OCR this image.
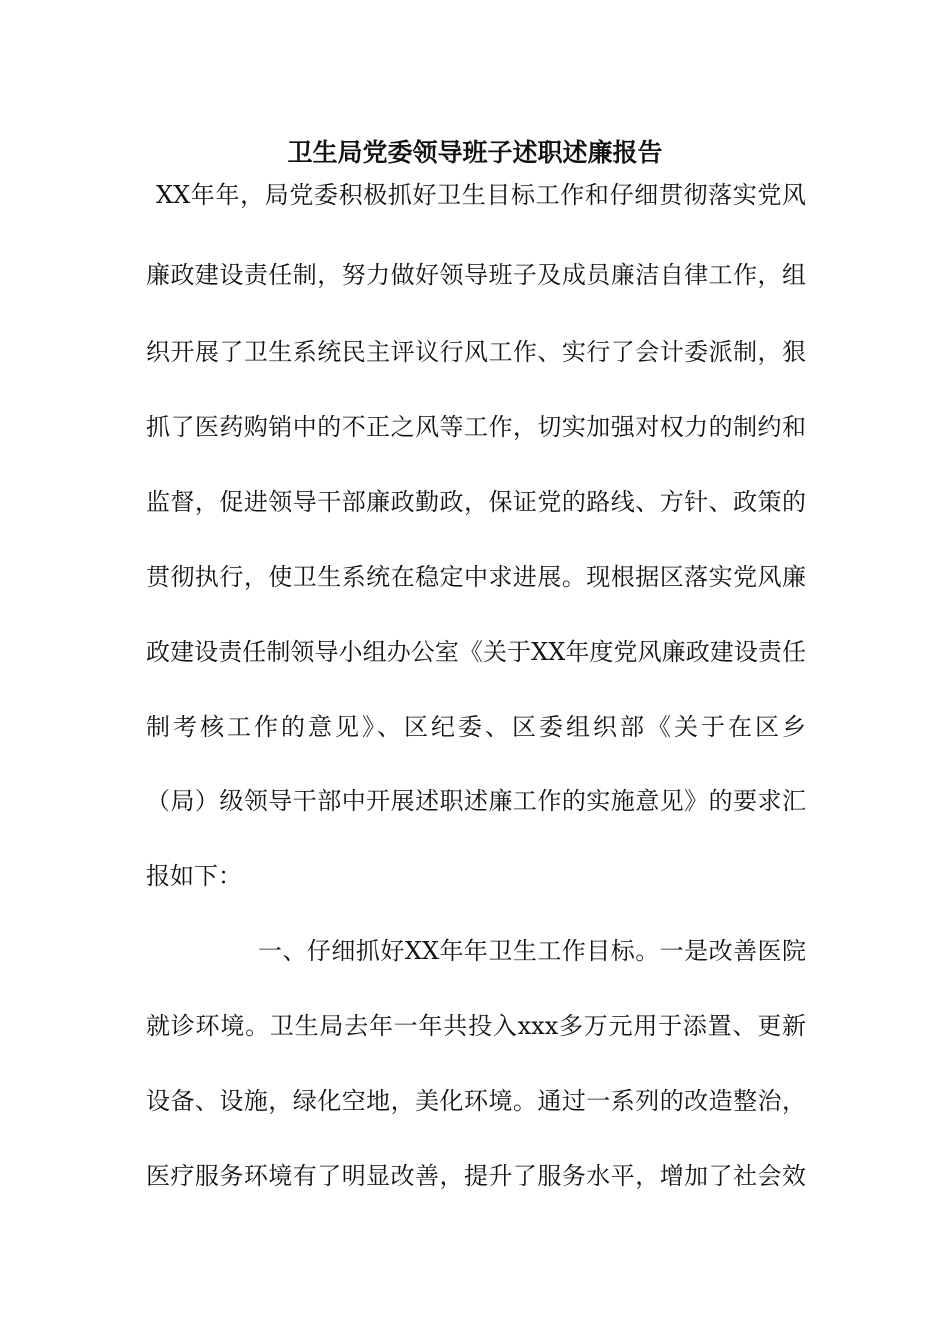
卫生局党委领导班子述职述廉报告
XX年年，局党委积极抓好卫生目标工作和仔细贯彻落实党风
廉政建设责任制，努力做好领导班子及成员廉洁自律工作，组
织开展了卫生系统民主评议行风工作、实行了会计委派制，狠
抓了医药购销中的不正之风等工作，切实加强对权力的制约和
监督，促进领导干部廉政勤政，保证党的路线、方针、政策的
贯彻执行，使卫生系统在稳定中求进展。现根据区落实党风廉
政建设责任制领导小组办公室《关于XX年度党风廉政建设责任
制考核工作的意见》、区纪委、区委组织部《关于在区乡
（局）级领导干部中开展述职述廉工作的实施意见》的要求汇
报如下：
一、仔细抓好XX年年卫生工作目标。一是改善医院
就诊环境。卫生局去年一年共投入xxx多万元用于添置、更新
设备、设施，绿化空地，美化环境。通过一系列的改造整治，
医疗服务环境有了明显改善，提升了服务水平，增加了社会效
